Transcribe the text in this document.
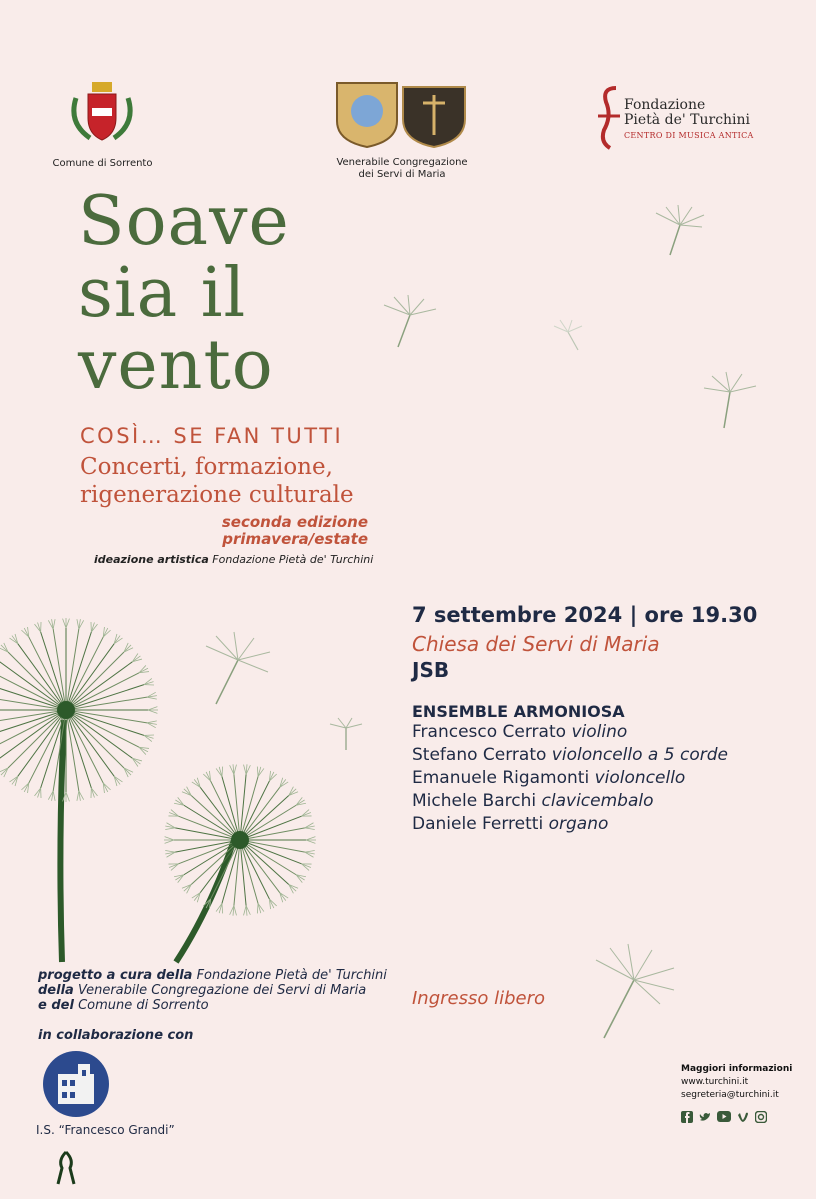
Comune di Sorrento	Venerabile Congregazione
dei Servi di Maria
Fondazione
Pietà de' Turchini
CENTRO DI MUSICA ANTICA
Soave
sia il
vento
COSÌ… SE FAN TUTTI
Concerti, formazione,
rigenerazione culturale
seconda edizione
primavera/estate
ideazione artistica Fondazione Pietà de' Turchini
7 settembre 2024 | ore 19.30
Chiesa dei Servi di Maria
JSB
ENSEMBLE ARMONIOSA
Francesco Cerrato violino
Stefano Cerrato violoncello a 5 corde
Emanuele Rigamonti violoncello
Michele Barchi clavicembalo
Daniele Ferretti organo
Ingresso libero
progetto a cura della Fondazione Pietà de' Turchini
della Venerabile Congregazione dei Servi di Maria
e del Comune di Sorrento
in collaborazione con
I.S. “Francesco Grandi”
Maggiori informazioni
www.turchini.it
segreteria@turchini.it
